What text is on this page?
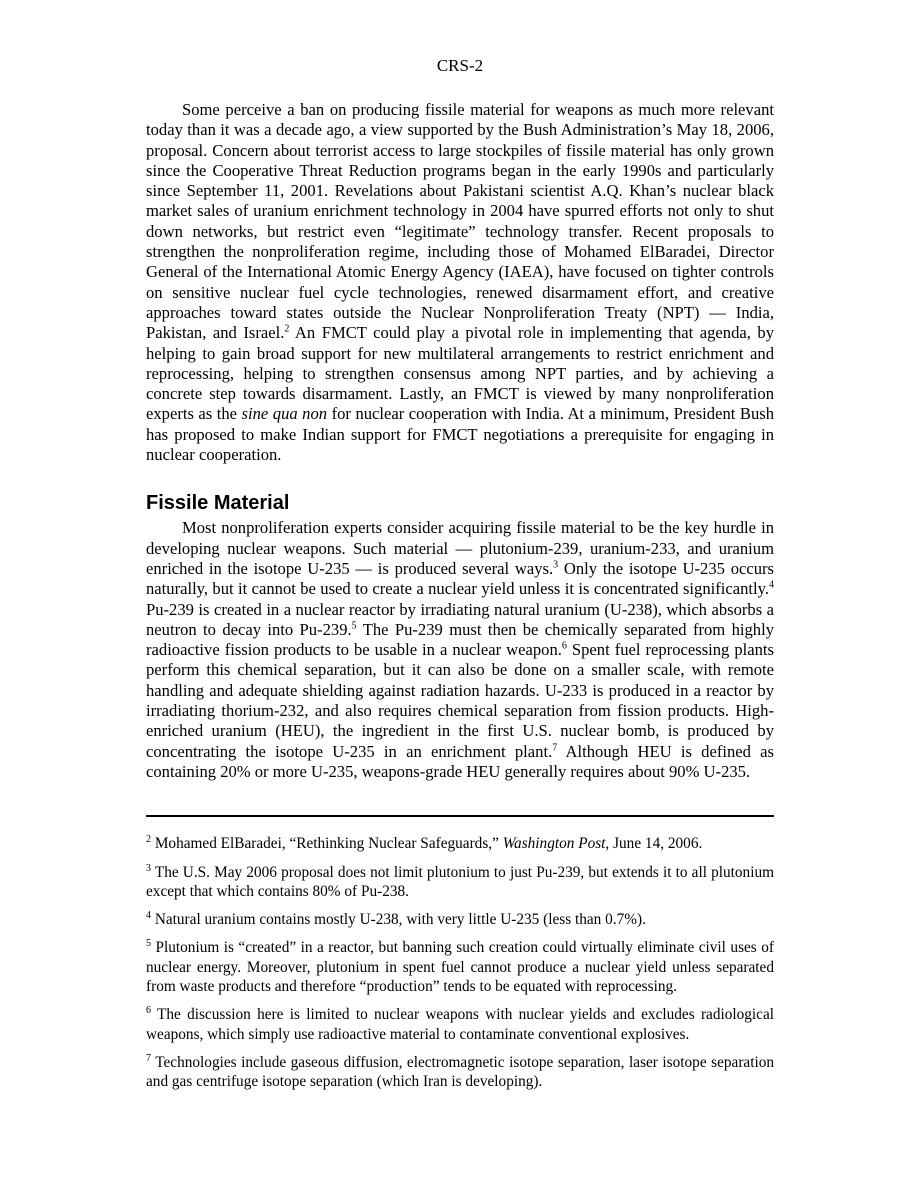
CRS-2

Some perceive a ban on producing fissile material for weapons as much more relevant today than it was a decade ago, a view supported by the Bush Administration’s May 18, 2006, proposal. Concern about terrorist access to large stockpiles of fissile material has only grown since the Cooperative Threat Reduction programs began in the early 1990s and particularly since September 11, 2001. Revelations about Pakistani scientist A.Q. Khan’s nuclear black market sales of uranium enrichment technology in 2004 have spurred efforts not only to shut down networks, but restrict even “legitimate” technology transfer. Recent proposals to strengthen the nonproliferation regime, including those of Mohamed ElBaradei, Director General of the International Atomic Energy Agency (IAEA), have focused on tighter controls on sensitive nuclear fuel cycle technologies, renewed disarmament effort, and creative approaches toward states outside the Nuclear Nonproliferation Treaty (NPT) — India, Pakistan, and Israel.$^2$ An FMCT could play a pivotal role in implementing that agenda, by helping to gain broad support for new multilateral arrangements to restrict enrichment and reprocessing, helping to strengthen consensus among NPT parties, and by achieving a concrete step towards disarmament. Lastly, an FMCT is viewed by many nonproliferation experts as the sine qua non for nuclear cooperation with India. At a minimum, President Bush has proposed to make Indian support for FMCT negotiations a prerequisite for engaging in nuclear cooperation.

Fissile Material

Most nonproliferation experts consider acquiring fissile material to be the key hurdle in developing nuclear weapons. Such material — plutonium-239, uranium-233, and uranium enriched in the isotope U-235 — is produced several ways.$^3$ Only the isotope U-235 occurs naturally, but it cannot be used to create a nuclear yield unless it is concentrated significantly.$^4$ Pu-239 is created in a nuclear reactor by irradiating natural uranium (U-238), which absorbs a neutron to decay into Pu-239.$^5$ The Pu-239 must then be chemically separated from highly radioactive fission products to be usable in a nuclear weapon.$^6$ Spent fuel reprocessing plants perform this chemical separation, but it can also be done on a smaller scale, with remote handling and adequate shielding against radiation hazards. U-233 is produced in a reactor by irradiating thorium-232, and also requires chemical separation from fission products. High-enriched uranium (HEU), the ingredient in the first U.S. nuclear bomb, is produced by concentrating the isotope U-235 in an enrichment plant.$^7$ Although HEU is defined as containing 20% or more U-235, weapons-grade HEU generally requires about 90% U-235.

$^2$ Mohamed ElBaradei, “Rethinking Nuclear Safeguards,” Washington Post, June 14, 2006.

$^3$ The U.S. May 2006 proposal does not limit plutonium to just Pu-239, but extends it to all plutonium except that which contains 80% of Pu-238.

$^4$ Natural uranium contains mostly U-238, with very little U-235 (less than 0.7%).

$^5$ Plutonium is “created” in a reactor, but banning such creation could virtually eliminate civil uses of nuclear energy. Moreover, plutonium in spent fuel cannot produce a nuclear yield unless separated from waste products and therefore “production” tends to be equated with reprocessing.

$^6$ The discussion here is limited to nuclear weapons with nuclear yields and excludes radiological weapons, which simply use radioactive material to contaminate conventional explosives.

$^7$ Technologies include gaseous diffusion, electromagnetic isotope separation, laser isotope separation and gas centrifuge isotope separation (which Iran is developing).
